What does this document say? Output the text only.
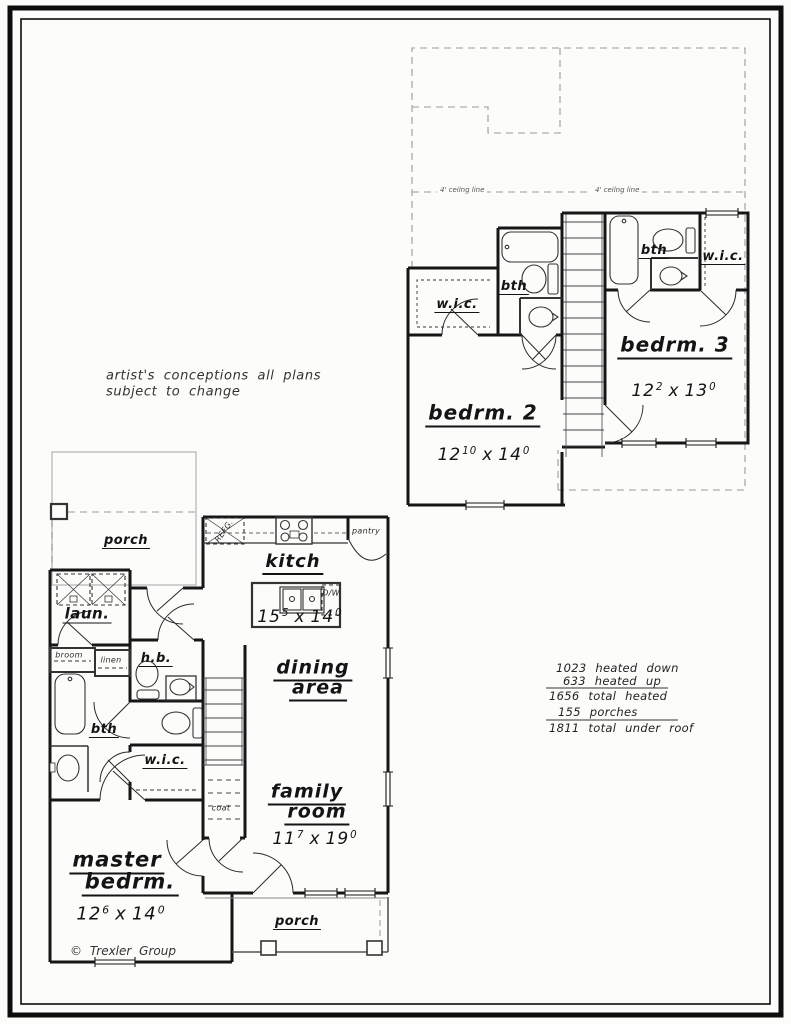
artist's conceptions all plans
subject to change
4' ceilng line	4' ceilng line
bth
w.i.c.
bth	w.i.c.
bedrm. 2
$12^{10}$ x $14^0$
bedrm. 3
$12^2$ x $13^0$
porch
kitch
pantry
REFG.
D/W
$15^5$ x $14^0$
laun.
broom
linen h.b.	dining
area
bth
w.i.c.
coat
family
room
$11^7$ x $19^0$
master
bedrm.
$12^6$ x $14^0$
© Trexler Group
porch
1023 heated down
633 heated up
1656 total heated
155 porches
1811 total under roof
